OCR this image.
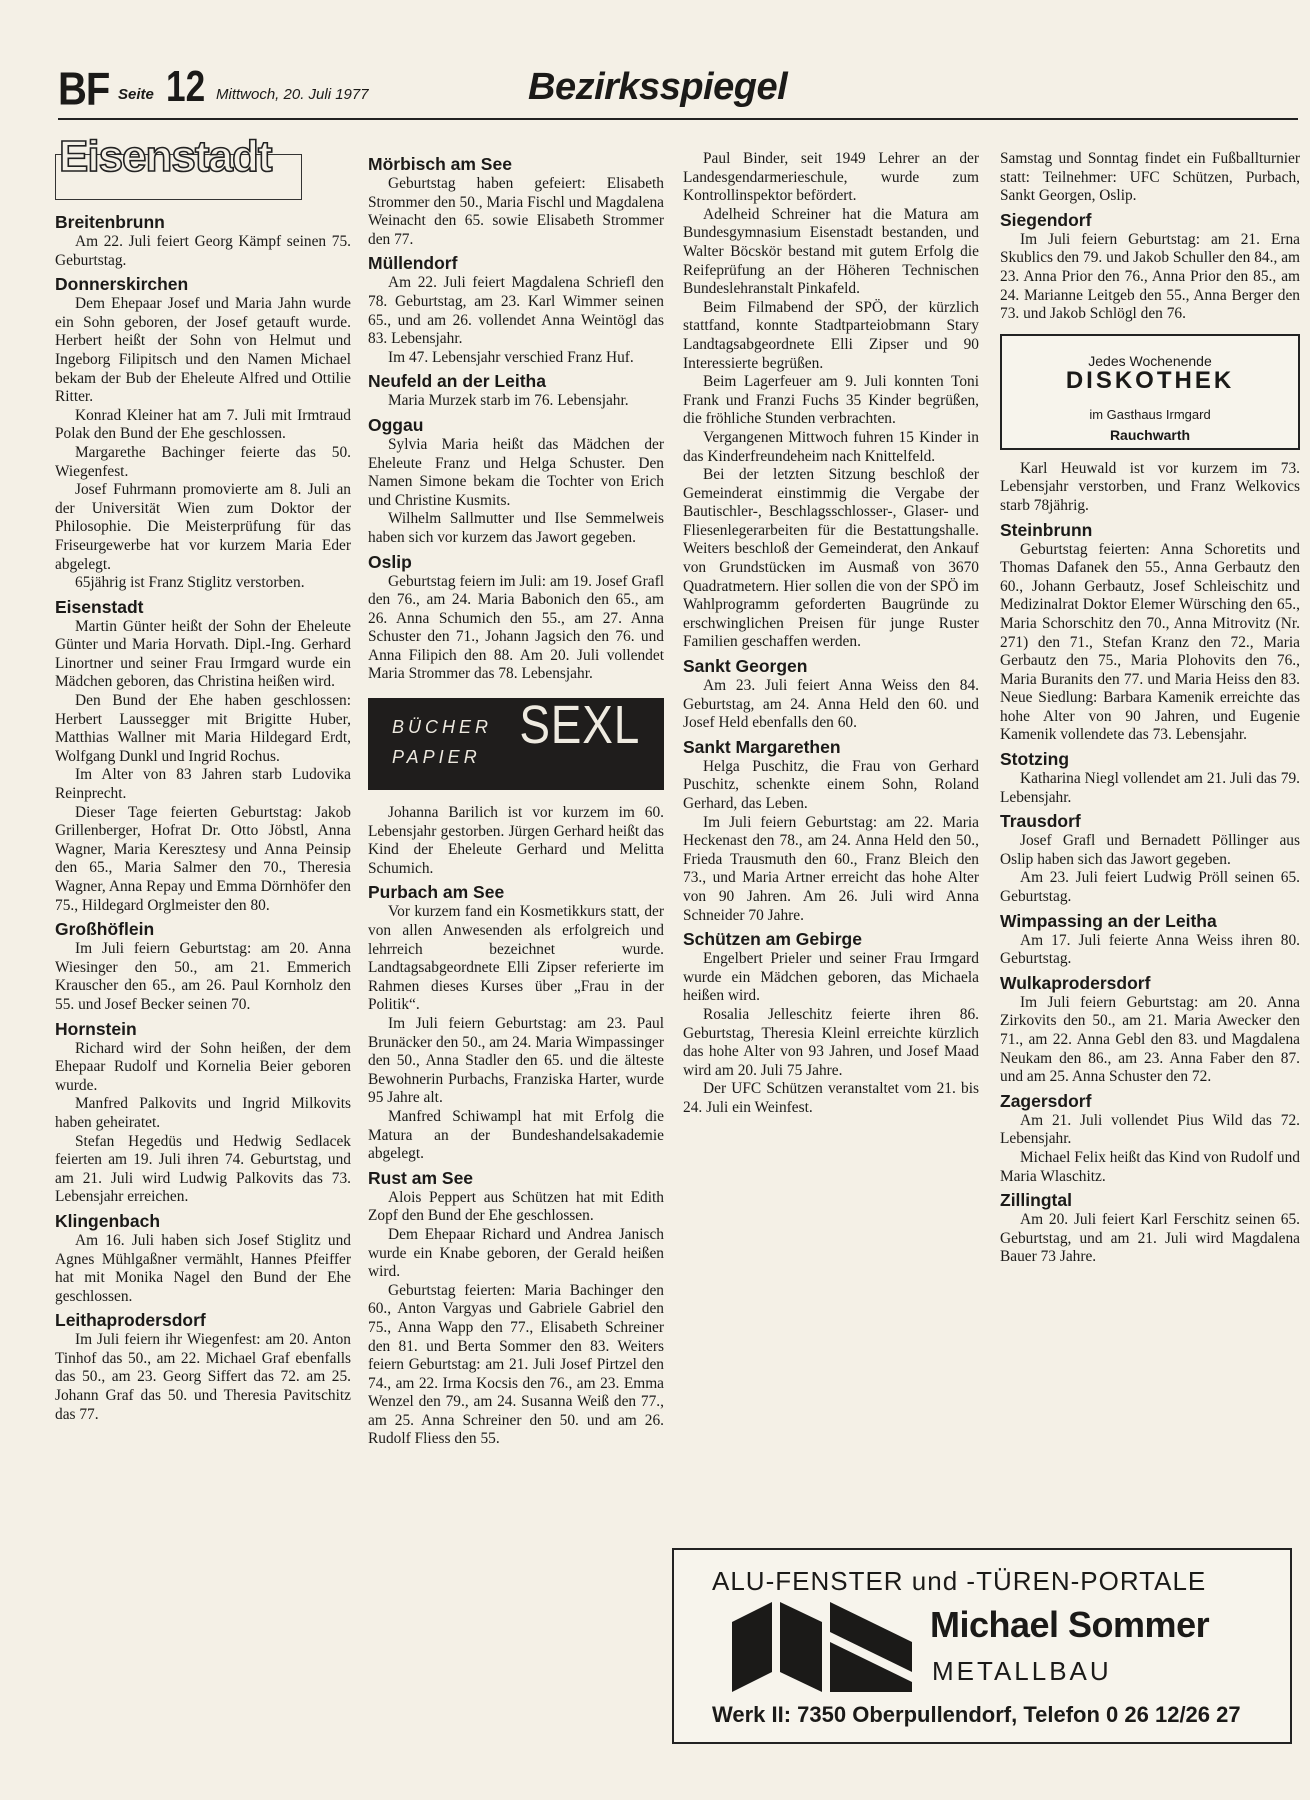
BF Seite 12 Mittwoch, 20. Juli 1977	Bezirksspiegel
Eisenstadt
Breitenbrunn
Am 22. Juli feiert Georg Kämpf seinen 75. Geburtstag.
Donnerskirchen
Dem Ehepaar Josef und Maria Jahn wurde ein Sohn geboren, der Josef getauft wurde. Herbert heißt der Sohn von Helmut und Ingeborg Filipitsch und den Namen Michael bekam der Bub der Eheleute Alfred und Ottilie Ritter.
Konrad Kleiner hat am 7. Juli mit Irmtraud Polak den Bund der Ehe geschlossen.
Margarethe Bachinger feierte das 50. Wiegenfest.
Josef Fuhrmann promovierte am 8. Juli an der Universität Wien zum Doktor der Philosophie. Die Meisterprüfung für das Friseurgewerbe hat vor kurzem Maria Eder abgelegt.
65jährig ist Franz Stiglitz verstorben.
Eisenstadt
Martin Günter heißt der Sohn der Eheleute Günter und Maria Horvath. Dipl.-Ing. Gerhard Linortner und seiner Frau Irmgard wurde ein Mädchen geboren, das Christina heißen wird.
Den Bund der Ehe haben geschlossen: Herbert Laussegger mit Brigitte Huber, Matthias Wallner mit Maria Hildegard Erdt, Wolfgang Dunkl und Ingrid Rochus.
Im Alter von 83 Jahren starb Ludovika Reinprecht.
Dieser Tage feierten Geburtstag: Jakob Grillenberger, Hofrat Dr. Otto Jöbstl, Anna Wagner, Maria Keresztesy und Anna Peinsip den 65., Maria Salmer den 70., Theresia Wagner, Anna Repay und Emma Dörnhöfer den 75., Hildegard Orglmeister den 80.
Großhöflein
Im Juli feiern Geburtstag: am 20. Anna Wiesinger den 50., am 21. Emmerich Krauscher den 65., am 26. Paul Kornholz den 55. und Josef Becker seinen 70.
Hornstein
Richard wird der Sohn heißen, der dem Ehepaar Rudolf und Kornelia Beier geboren wurde.
Manfred Palkovits und Ingrid Milkovits haben geheiratet.
Stefan Hegedüs und Hedwig Sedlacek feierten am 19. Juli ihren 74. Geburtstag, und am 21. Juli wird Ludwig Palkovits das 73. Lebensjahr erreichen.
Klingenbach
Am 16. Juli haben sich Josef Stiglitz und Agnes Mühlgaßner vermählt, Hannes Pfeiffer hat mit Monika Nagel den Bund der Ehe geschlossen.
Leithaprodersdorf
Im Juli feiern ihr Wiegenfest: am 20. Anton Tinhof das 50., am 22. Michael Graf ebenfalls das 50., am 23. Georg Siffert das 72. am 25. Johann Graf das 50. und Theresia Pavitschitz das 77.
Mörbisch am See
Geburtstag haben gefeiert: Elisabeth Strommer den 50., Maria Fischl und Magdalena Weinacht den 65. sowie Elisabeth Strommer den 77.
Müllendorf
Am 22. Juli feiert Magdalena Schriefl den 78. Geburtstag, am 23. Karl Wimmer seinen 65., und am 26. vollendet Anna Weintögl das 83. Lebensjahr.
Im 47. Lebensjahr verschied Franz Huf.
Neufeld an der Leitha
Maria Murzek starb im 76. Lebensjahr.
Oggau
Sylvia Maria heißt das Mädchen der Eheleute Franz und Helga Schuster. Den Namen Simone bekam die Tochter von Erich und Christine Kusmits.
Wilhelm Sallmutter und Ilse Semmelweis haben sich vor kurzem das Jawort gegeben.
Oslip
Geburtstag feiern im Juli: am 19. Josef Grafl den 76., am 24. Maria Babonich den 65., am 26. Anna Schumich den 55., am 27. Anna Schuster den 71., Johann Jagsich den 76. und Anna Filipich den 88. Am 20. Juli vollendet Maria Strommer das 78. Lebensjahr.
BÜCHER
PAPIER
SEXL
Johanna Barilich ist vor kurzem im 60. Lebensjahr gestorben. Jürgen Gerhard heißt das Kind der Eheleute Gerhard und Melitta Schumich.
Purbach am See
Vor kurzem fand ein Kosmetikkurs statt, der von allen Anwesenden als erfolgreich und lehrreich bezeichnet wurde. Landtagsabgeordnete Elli Zipser referierte im Rahmen dieses Kurses über „Frau in der Politik“.
Im Juli feiern Geburtstag: am 23. Paul Brunäcker den 50., am 24. Maria Wimpassinger den 50., Anna Stadler den 65. und die älteste Bewohnerin Purbachs, Franziska Harter, wurde 95 Jahre alt.
Manfred Schiwampl hat mit Erfolg die Matura an der Bundeshandelsakademie abgelegt.
Rust am See
Alois Peppert aus Schützen hat mit Edith Zopf den Bund der Ehe geschlossen.
Dem Ehepaar Richard und Andrea Janisch wurde ein Knabe geboren, der Gerald heißen wird.
Geburtstag feierten: Maria Bachinger den 60., Anton Vargyas und Gabriele Gabriel den 75., Anna Wapp den 77., Elisabeth Schreiner den 81. und Berta Sommer den 83. Weiters feiern Geburtstag: am 21. Juli Josef Pirtzel den 74., am 22. Irma Kocsis den 76., am 23. Emma Wenzel den 79., am 24. Susanna Weiß den 77., am 25. Anna Schreiner den 50. und am 26. Rudolf Fliess den 55.
Paul Binder, seit 1949 Lehrer an der Landesgendarmerieschule, wurde zum Kontrollinspektor befördert.
Adelheid Schreiner hat die Matura am Bundesgymnasium Eisenstadt bestanden, und Walter Böcskör bestand mit gutem Erfolg die Reifeprüfung an der Höheren Technischen Bundeslehranstalt Pinkafeld.
Beim Filmabend der SPÖ, der kürzlich stattfand, konnte Stadtparteiobmann Stary Landtagsabgeordnete Elli Zipser und 90 Interessierte begrüßen.
Beim Lagerfeuer am 9. Juli konnten Toni Frank und Franzi Fuchs 35 Kinder begrüßen, die fröhliche Stunden verbrachten.
Vergangenen Mittwoch fuhren 15 Kinder in das Kinderfreundeheim nach Knittelfeld.
Bei der letzten Sitzung beschloß der Gemeinderat einstimmig die Vergabe der Bautischler-, Beschlagsschlosser-, Glaser- und Fliesenlegerarbeiten für die Bestattungshalle. Weiters beschloß der Gemeinderat, den Ankauf von Grundstücken im Ausmaß von 3670 Quadratmetern. Hier sollen die von der SPÖ im Wahlprogramm geforderten Baugründe zu erschwinglichen Preisen für junge Ruster Familien geschaffen werden.
Sankt Georgen
Am 23. Juli feiert Anna Weiss den 84. Geburtstag, am 24. Anna Held den 60. und Josef Held ebenfalls den 60.
Sankt Margarethen
Helga Puschitz, die Frau von Gerhard Puschitz, schenkte einem Sohn, Roland Gerhard, das Leben.
Im Juli feiern Geburtstag: am 22. Maria Heckenast den 78., am 24. Anna Held den 50., Frieda Trausmuth den 60., Franz Bleich den 73., und Maria Artner erreicht das hohe Alter von 90 Jahren. Am 26. Juli wird Anna Schneider 70 Jahre.
Schützen am Gebirge
Engelbert Prieler und seiner Frau Irmgard wurde ein Mädchen geboren, das Michaela heißen wird.
Rosalia Jelleschitz feierte ihren 86. Geburtstag, Theresia Kleinl erreichte kürzlich das hohe Alter von 93 Jahren, und Josef Maad wird am 20. Juli 75 Jahre.
Der UFC Schützen veranstaltet vom 21. bis 24. Juli ein Weinfest.
Samstag und Sonntag findet ein Fußballturnier statt: Teilnehmer: UFC Schützen, Purbach, Sankt Georgen, Oslip.
Siegendorf
Im Juli feiern Geburtstag: am 21. Erna Skublics den 79. und Jakob Schuller den 84., am 23. Anna Prior den 76., Anna Prior den 85., am 24. Marianne Leitgeb den 55., Anna Berger den 73. und Jakob Schlögl den 76.
Jedes Wochenende
DISKOTHEK
im Gasthaus Irmgard
Rauchwarth
Karl Heuwald ist vor kurzem im 73. Lebensjahr verstorben, und Franz Welkovics starb 78jährig.
Steinbrunn
Geburtstag feierten: Anna Schoretits und Thomas Dafanek den 55., Anna Gerbautz den 60., Johann Gerbautz, Josef Schleischitz und Medizinalrat Doktor Elemer Würsching den 65., Maria Schorschitz den 70., Anna Mitrovitz (Nr. 271) den 71., Stefan Kranz den 72., Maria Gerbautz den 75., Maria Plohovits den 76., Maria Buranits den 77. und Maria Heiss den 83. Neue Siedlung: Barbara Kamenik erreichte das hohe Alter von 90 Jahren, und Eugenie Kamenik vollendete das 73. Lebensjahr.
Stotzing
Katharina Niegl vollendet am 21. Juli das 79. Lebensjahr.
Trausdorf
Josef Grafl und Bernadett Pöllinger aus Oslip haben sich das Jawort gegeben.
Am 23. Juli feiert Ludwig Pröll seinen 65. Geburtstag.
Wimpassing an der Leitha
Am 17. Juli feierte Anna Weiss ihren 80. Geburtstag.
Wulkaprodersdorf
Im Juli feiern Geburtstag: am 20. Anna Zirkovits den 50., am 21. Maria Awecker den 71., am 22. Anna Gebl den 83. und Magdalena Neukam den 86., am 23. Anna Faber den 87. und am 25. Anna Schuster den 72.
Zagersdorf
Am 21. Juli vollendet Pius Wild das 72. Lebensjahr.
Michael Felix heißt das Kind von Rudolf und Maria Wlaschitz.
Zillingtal
Am 20. Juli feiert Karl Ferschitz seinen 65. Geburtstag, und am 21. Juli wird Magdalena Bauer 73 Jahre.
ALU-FENSTER und -TÜREN-PORTALE
Michael Sommer
METALLBAU
Werk II: 7350 Oberpullendorf, Telefon 0 26 12/26 27
